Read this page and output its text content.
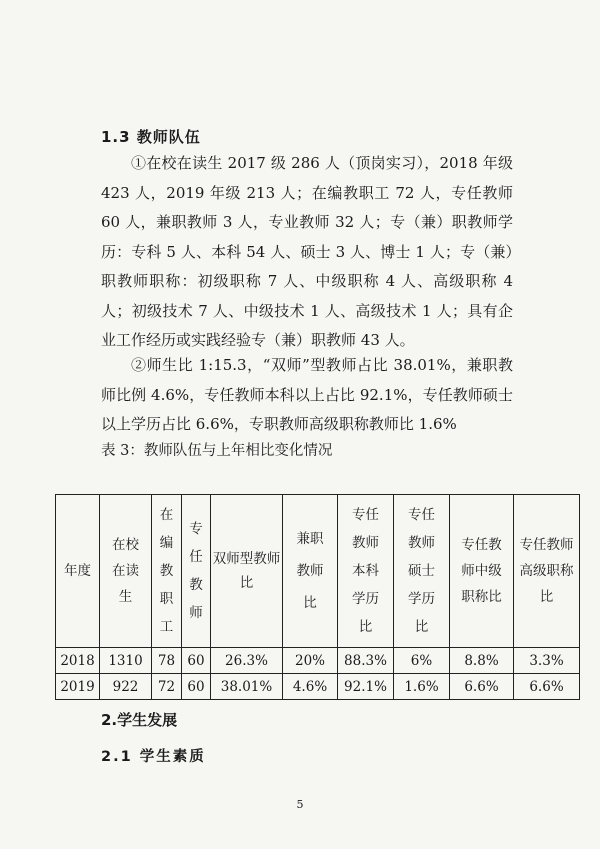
1.3 教师队伍

①在校在读生 2017 级 286 人（顶岗实习），2018 年级 423 人，2019 年级 213 人；在编教职工 72 人，专任教师 60 人，兼职教师 3 人，专业教师 32 人；专（兼）职教师学历：专科 5 人、本科 54 人、硕士 3 人、博士 1 人；专（兼）职教师职称：初级职称 7 人、中级职称 4 人、高级职称 4 人；初级技术 7 人、中级技术 1 人、高级技术 1 人；具有企业工作经历或实践经验专（兼）职教师 43 人。

②师生比 1:15.3，“双师”型教师占比 38.01%，兼职教师比例 4.6%，专任教师本科以上占比 92.1%，专任教师硕士以上学历占比 6.6%，专职教师高级职称教师比 1.6%

表 3：教师队伍与上年相比变化情况
年度	在校在读生	在编教职工	专任教师	双师型教师比	兼职教师比	专任教师本科学历比	专任教师硕士学历比	专任教师中级职称比	专任教师高级职称比
2018	1310	78	60	26.3%	20%	88.3%	6%	8.8%	3.3%
2019	922	72	60	38.01%	4.6%	92.1%	1.6%	6.6%	6.6%
2.学生发展
2.1 学生素质
5
